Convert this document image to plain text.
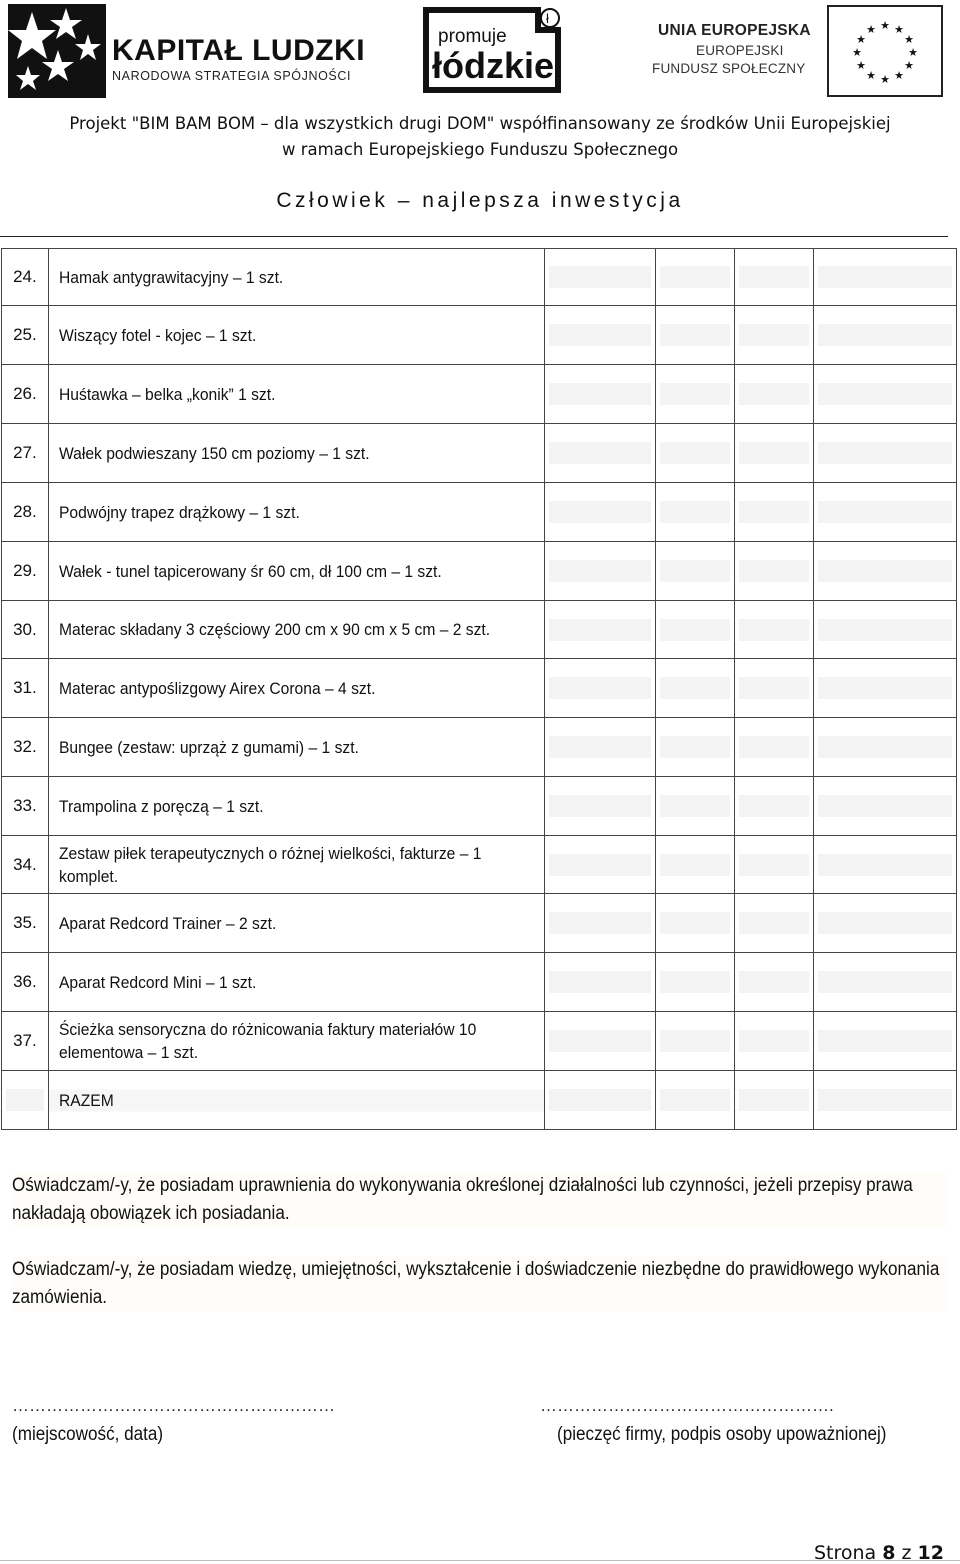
KAPITAŁ LUDZKI
NARODOWA STRATEGIA SPÓJNOŚCI
ł
promuje
łódzkie
UNIA EUROPEJSKA
EUROPEJSKI
FUNDUSZ SPOŁECZNY
★ ★
★
★
★
★
★
★
★
★
★
★
Projekt "BIM BAM BOM – dla wszystkich drugi DOM" współfinansowany ze środków Unii Europejskiej
w ramach Europejskiego Funduszu Społecznego
Człowiek – najlepsza inwestycja
24.	Hamak antygrawitacyjny – 1 szt.				

25.	Wiszący fotel - kojec – 1 szt.				

26.	Huśtawka – belka „konik” 1 szt.				

27.	Wałek podwieszany 150 cm poziomy – 1 szt.				

28.	Podwójny trapez drążkowy – 1 szt.				

29.	Wałek - tunel tapicerowany śr 60 cm, dł 100 cm – 1 szt.				

30.	Materac składany 3 częściowy 200 cm x 90 cm x 5 cm – 2 szt.				

31.	Materac antypoślizgowy Airex Corona – 4 szt.				

32.	Bungee (zestaw: uprząż z gumami) – 1 szt.				

33.	Trampolina z poręczą – 1 szt.				

34.	Zestaw piłek terapeutycznych o różnej wielkości, fakturze – 1 komplet.				

35.	Aparat Redcord Trainer – 2 szt.				

36.	Aparat Redcord Mini – 1 szt.				

37.	Ścieżka sensoryczna do różnicowania faktury materiałów 10 elementowa – 1 szt.				

	RAZEM	

Oświadczam/-y, że posiadam uprawnienia do wykonywania określonej działalności lub czynności, jeżeli przepisy prawa nakładają obowiązek ich posiadania.

Oświadczam/-y, że posiadam wiedzę, umiejętności, wykształcenie i doświadczenie niezbędne do prawidłowego wykonania zamówienia.

…………………………………………………	…………………………………………….
(miejscowość, data)	(pieczęć firmy, podpis osoby upoważnionej)
Strona 8 z 12
